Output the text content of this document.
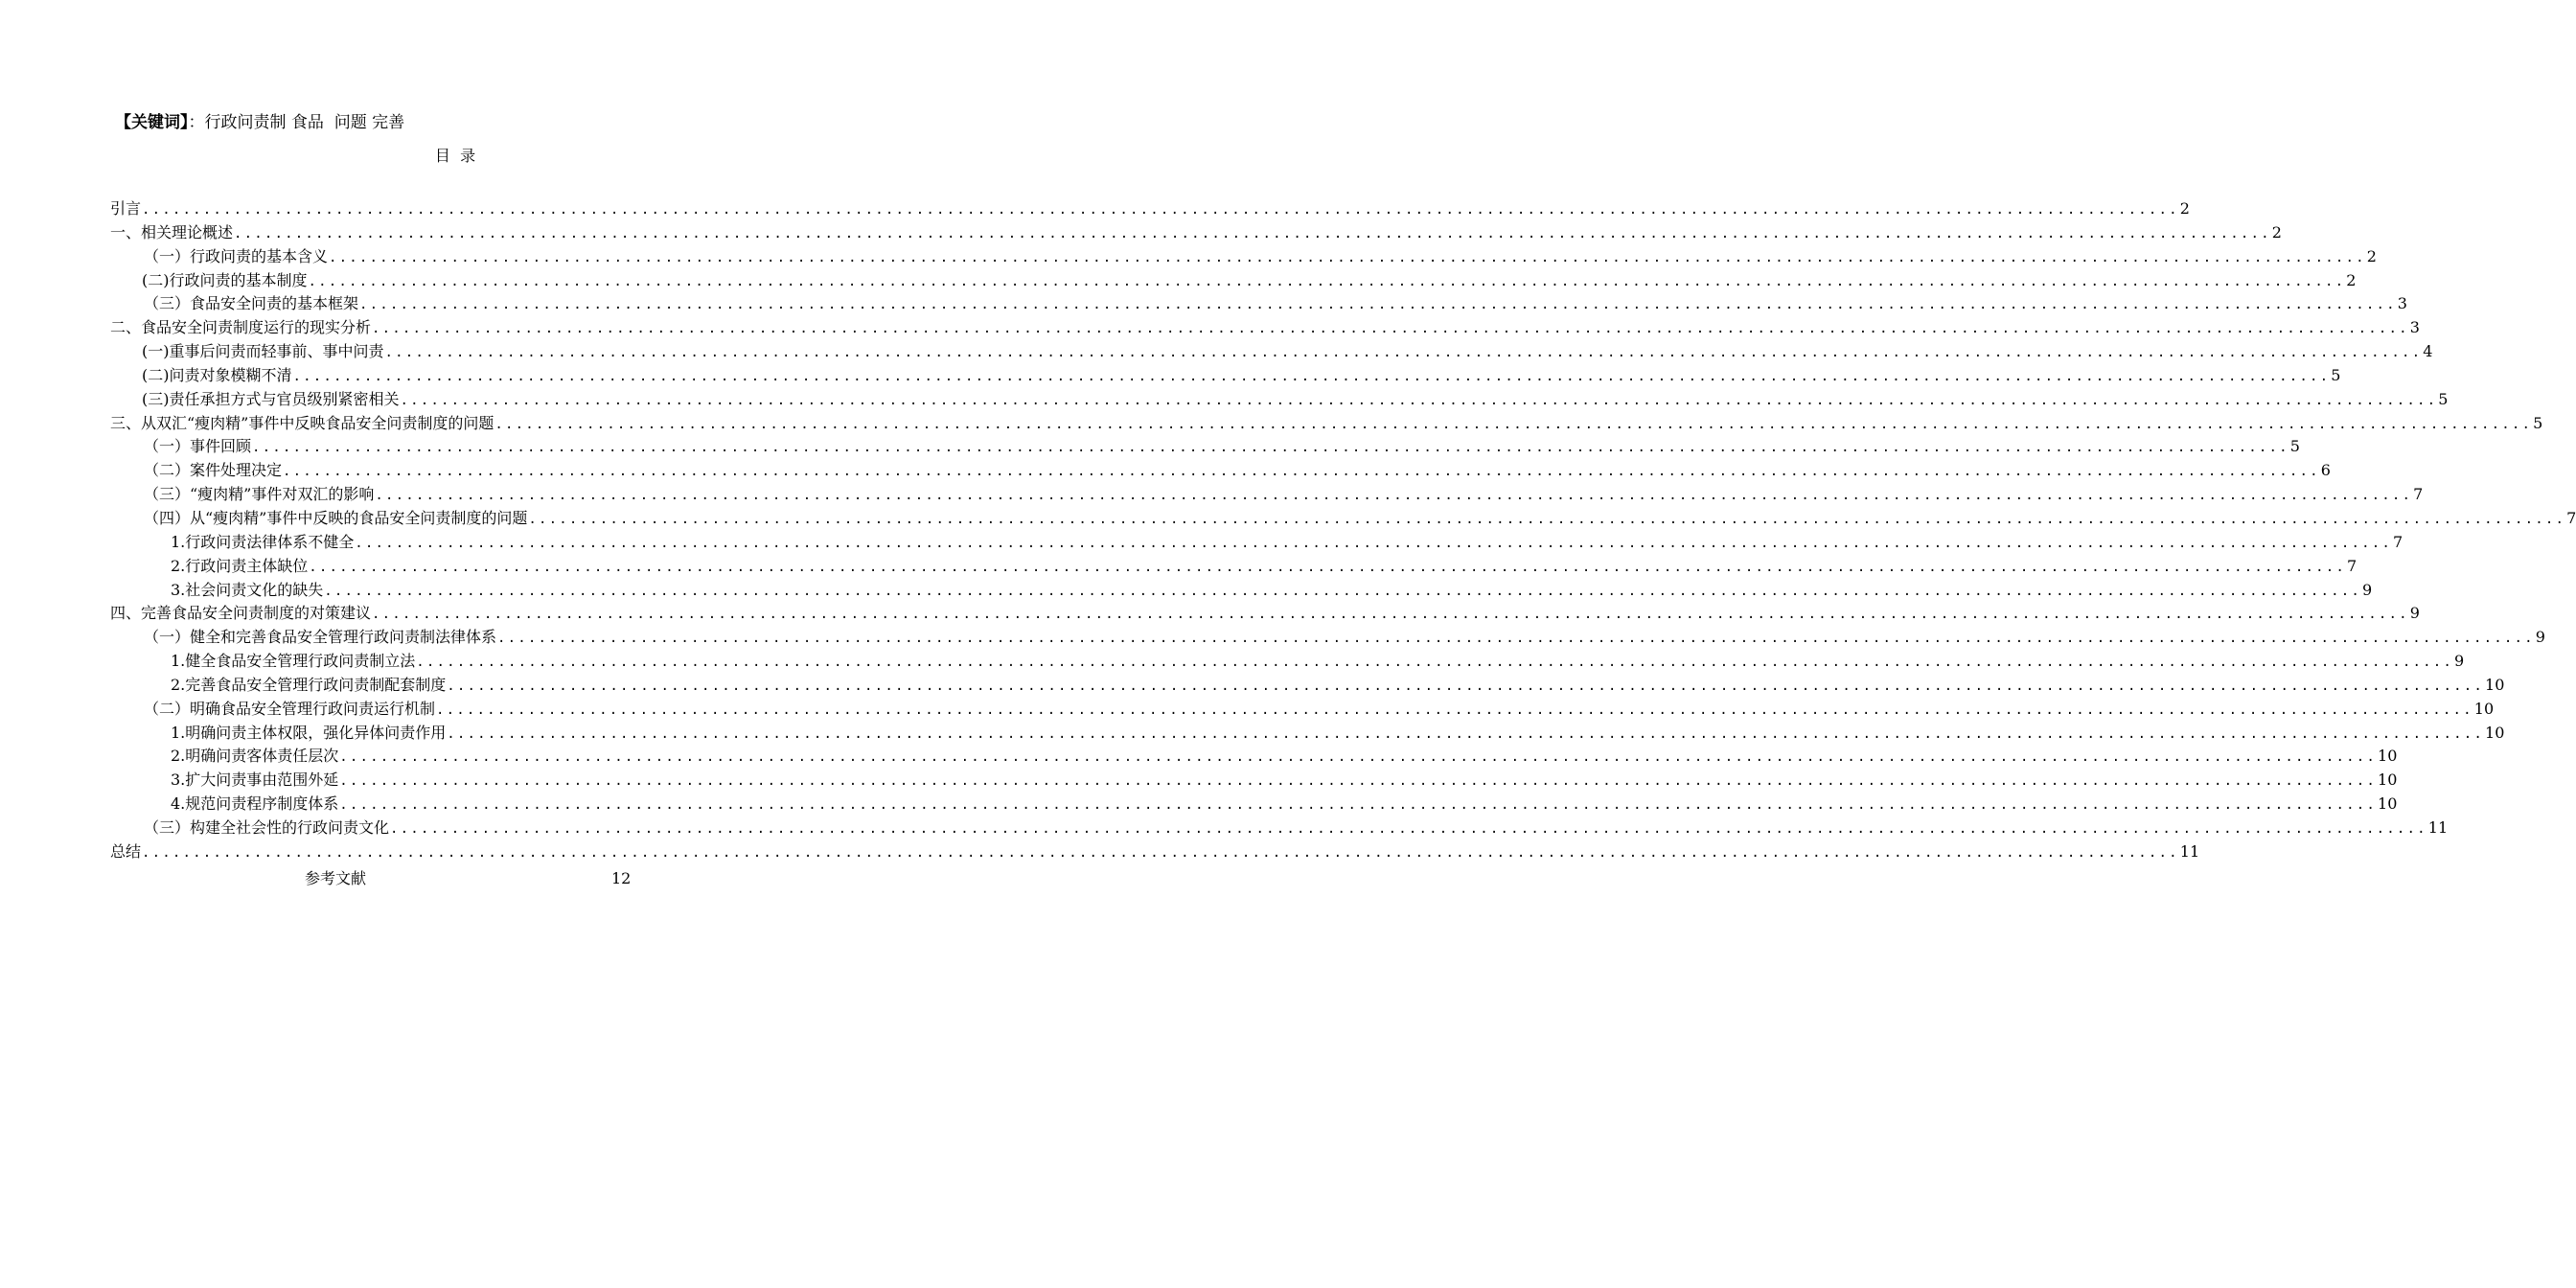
【关键词】：行政问责制 食品  问题 完善
目  录
引言 ........................................................................................................................................................................................................ 2
一、相关理论概述 ........................................................................................................................................................................................................ 2
（一）行政问责的基本含义 ........................................................................................................................................................................................................ 2
(二)行政问责的基本制度 ........................................................................................................................................................................................................ 2
（三）食品安全问责的基本框架 ........................................................................................................................................................................................................ 3
二、食品安全问责制度运行的现实分析 ........................................................................................................................................................................................................ 3
(一)重事后问责而轻事前、事中问责 ........................................................................................................................................................................................................ 4
(二)问责对象模糊不清 ........................................................................................................................................................................................................ 5
(三)责任承担方式与官员级别紧密相关 ........................................................................................................................................................................................................ 5
三、从双汇“瘦肉精”事件中反映食品安全问责制度的问题 ........................................................................................................................................................................................................ 5
（一）事件回顾 ........................................................................................................................................................................................................ 5
（二）案件处理决定 ........................................................................................................................................................................................................ 6
（三）“瘦肉精”事件对双汇的影响 ........................................................................................................................................................................................................ 7
（四）从“瘦肉精”事件中反映的食品安全问责制度的问题 ........................................................................................................................................................................................................ 7
1.行政问责法律体系不健全 ........................................................................................................................................................................................................ 7
2.行政问责主体缺位 ........................................................................................................................................................................................................ 7
3.社会问责文化的缺失 ........................................................................................................................................................................................................ 9
四、完善食品安全问责制度的对策建议 ........................................................................................................................................................................................................ 9
（一）健全和完善食品安全管理行政问责制法律体系 ........................................................................................................................................................................................................ 9
1.健全食品安全管理行政问责制立法 ........................................................................................................................................................................................................ 9
2.完善食品安全管理行政问责制配套制度 ........................................................................................................................................................................................................ 10
（二）明确食品安全管理行政问责运行机制 ........................................................................................................................................................................................................ 10
1.明确问责主体权限，强化异体问责作用 ........................................................................................................................................................................................................ 10
2.明确问责客体责任层次 ........................................................................................................................................................................................................ 10
3.扩大问责事由范围外延 ........................................................................................................................................................................................................ 10
4.规范问责程序制度体系 ........................................................................................................................................................................................................ 10
（三）构建全社会性的行政问责文化 ........................................................................................................................................................................................................ 11
总结 ........................................................................................................................................................................................................ 11
参考文献	12
